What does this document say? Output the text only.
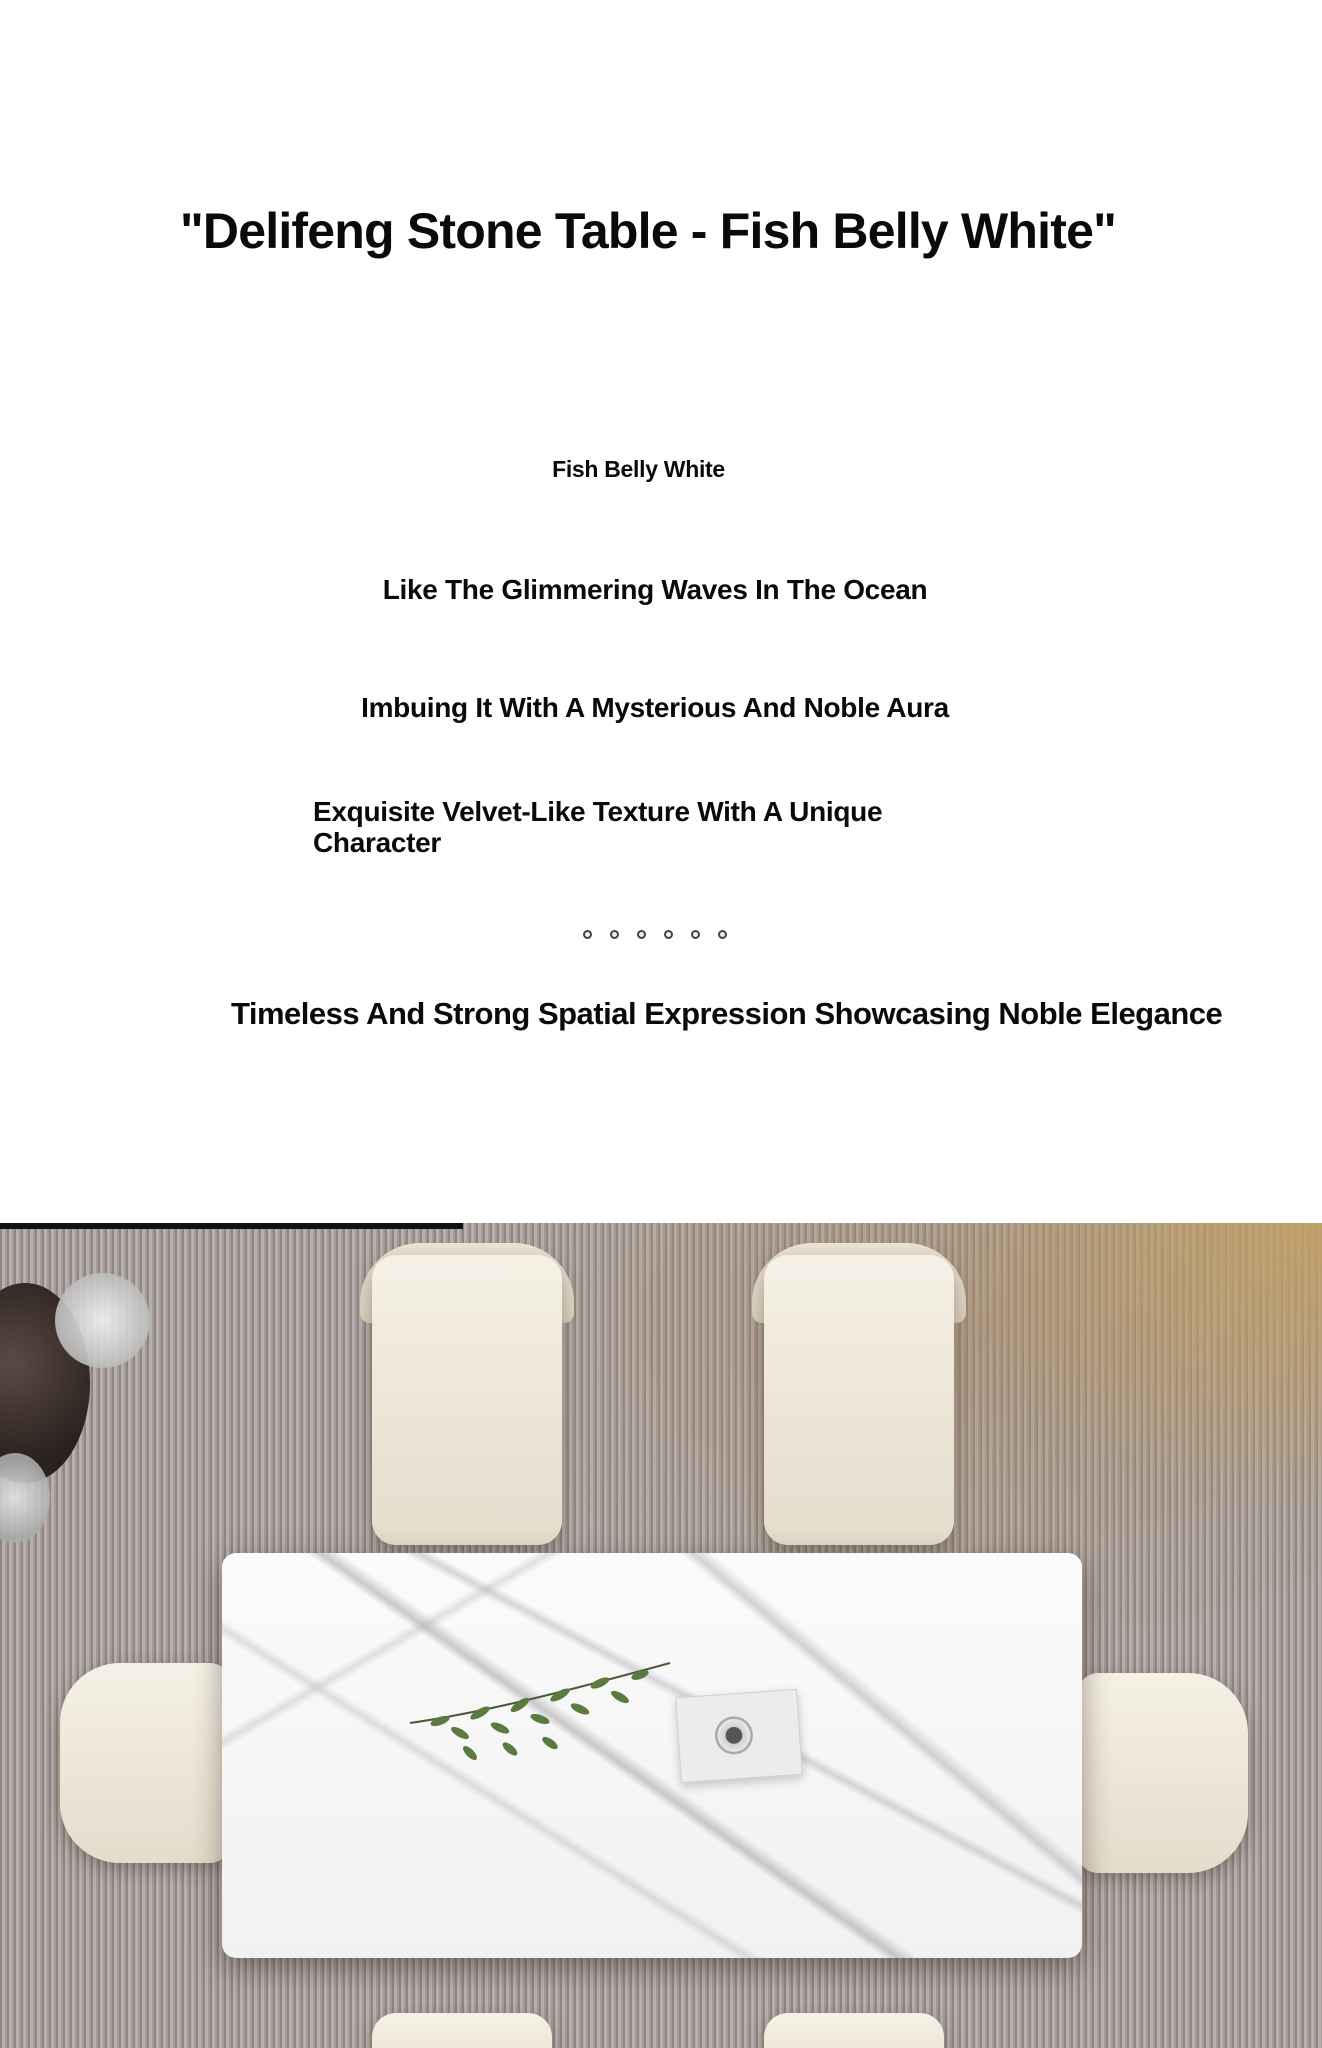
"Delifeng Stone Table - Fish Belly White"
Fish Belly White
Like The Glimmering Waves In The Ocean
Imbuing It With A Mysterious And Noble Aura
Exquisite Velvet-Like Texture With A Unique Character
Timeless And Strong Spatial Expression Showcasing Noble Elegance
